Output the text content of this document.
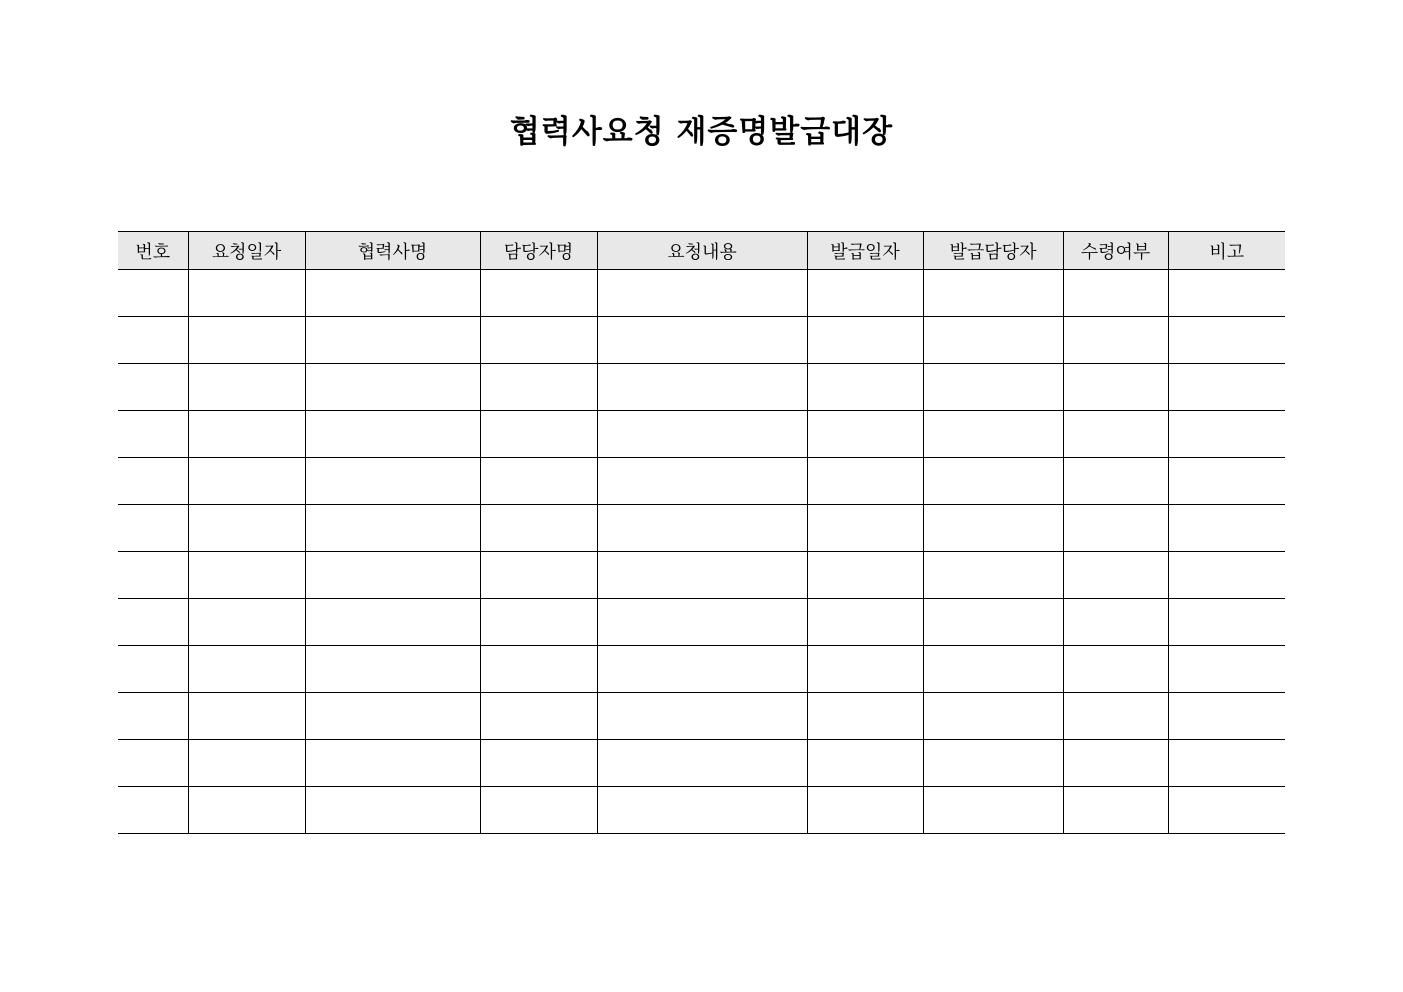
협력사요청 재증명발급대장
번호	요청일자	협력사명	담당자명	요청내용	발급일자	발급담당자	수령여부	비고
